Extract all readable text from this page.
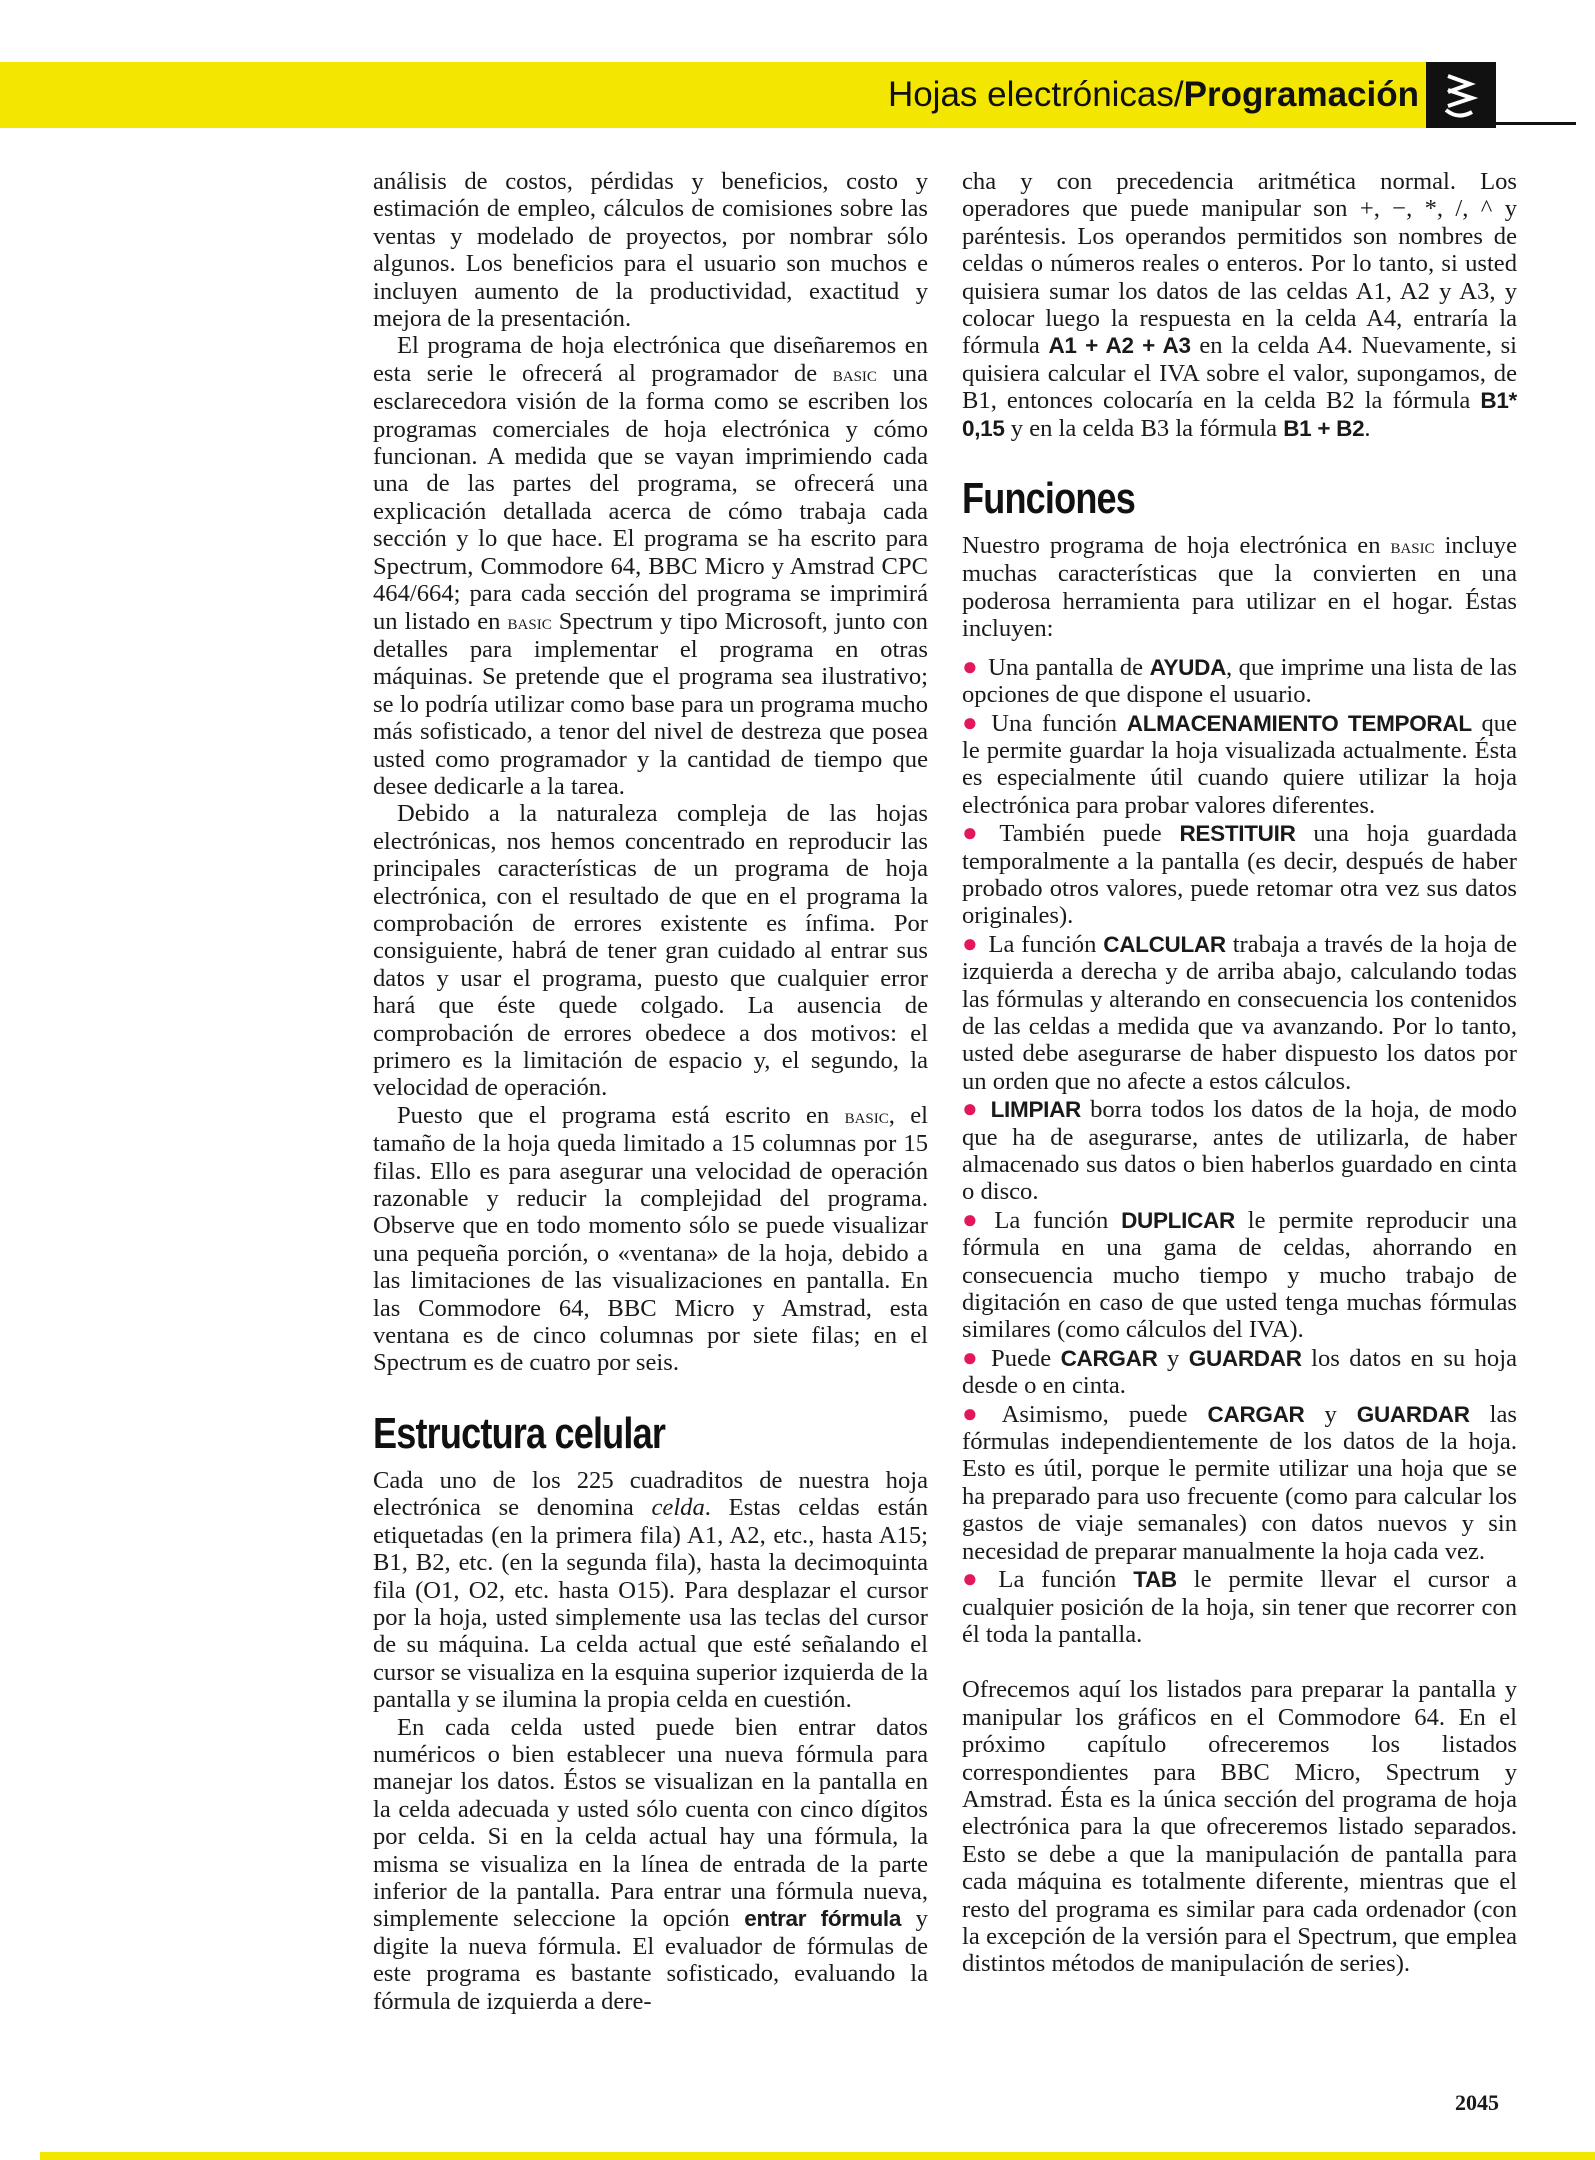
Hojas electrónicas/Programación

análisis de costos, pérdidas y beneficios, costo y estimación de empleo, cálculos de comisiones sobre las ventas y modelado de proyectos, por nombrar sólo algunos. Los beneficios para el usuario son muchos e incluyen aumento de la productividad, exactitud y mejora de la presentación.

El programa de hoja electrónica que diseñaremos en esta serie le ofrecerá al programador de basic una esclarecedora visión de la forma como se escriben los programas comerciales de hoja electrónica y cómo funcionan. A medida que se vayan imprimiendo cada una de las partes del programa, se ofrecerá una explicación detallada acerca de cómo trabaja cada sección y lo que hace. El programa se ha escrito para Spectrum, Commodore 64, BBC Micro y Amstrad CPC 464/664; para cada sección del programa se imprimirá un listado en basic Spectrum y tipo Microsoft, junto con detalles para implementar el programa en otras máquinas. Se pretende que el programa sea ilustrativo; se lo podría utilizar como base para un programa mucho más sofisticado, a tenor del nivel de destreza que posea usted como programador y la cantidad de tiempo que desee dedicarle a la tarea.

Debido a la naturaleza compleja de las hojas electrónicas, nos hemos concentrado en reproducir las principales características de un programa de hoja electrónica, con el resultado de que en el programa la comprobación de errores existente es ínfima. Por consiguiente, habrá de tener gran cuidado al entrar sus datos y usar el programa, puesto que cualquier error hará que éste quede colgado. La ausencia de comprobación de errores obedece a dos motivos: el primero es la limitación de espacio y, el segundo, la velocidad de operación.

Puesto que el programa está escrito en basic, el tamaño de la hoja queda limitado a 15 columnas por 15 filas. Ello es para asegurar una velocidad de operación razonable y reducir la complejidad del programa. Observe que en todo momento sólo se puede visualizar una pequeña porción, o «ventana» de la hoja, debido a las limitaciones de las visualizaciones en pantalla. En las Commodore 64, BBC Micro y Amstrad, esta ventana es de cinco columnas por siete filas; en el Spectrum es de cuatro por seis.

Estructura celular

Cada uno de los 225 cuadraditos de nuestra hoja electrónica se denomina celda. Estas celdas están etiquetadas (en la primera fila) A1, A2, etc., hasta A15; B1, B2, etc. (en la segunda fila), hasta la decimoquinta fila (O1, O2, etc. hasta O15). Para desplazar el cursor por la hoja, usted simplemente usa las teclas del cursor de su máquina. La celda actual que esté señalando el cursor se visualiza en la esquina superior izquierda de la pantalla y se ilumina la propia celda en cuestión.

En cada celda usted puede bien entrar datos numéricos o bien establecer una nueva fórmula para manejar los datos. Éstos se visualizan en la pantalla en la celda adecuada y usted sólo cuenta con cinco dígitos por celda. Si en la celda actual hay una fórmula, la misma se visualiza en la línea de entrada de la parte inferior de la pantalla. Para entrar una fórmula nueva, simplemente seleccione la opción entrar fórmula y digite la nueva fórmula. El evaluador de fórmulas de este programa es bastante sofisticado, evaluando la fórmula de izquierda a dere-

cha y con precedencia aritmética normal. Los operadores que puede manipular son +, −, *, /, ^ y paréntesis. Los operandos permitidos son nombres de celdas o números reales o enteros. Por lo tanto, si usted quisiera sumar los datos de las celdas A1, A2 y A3, y colocar luego la respuesta en la celda A4, entraría la fórmula A1 + A2 + A3 en la celda A4. Nuevamente, si quisiera calcular el IVA sobre el valor, supongamos, de B1, entonces colocaría en la celda B2 la fórmula B1* 0,15 y en la celda B3 la fórmula B1 + B2.

Funciones

Nuestro programa de hoja electrónica en basic incluye muchas características que la convierten en una poderosa herramienta para utilizar en el hogar. Éstas incluyen:

● Una pantalla de AYUDA, que imprime una lista de las opciones de que dispone el usuario.

● Una función ALMACENAMIENTO TEMPORAL que le permite guardar la hoja visualizada actualmente. Ésta es especialmente útil cuando quiere utilizar la hoja electrónica para probar valores diferentes.

● También puede RESTITUIR una hoja guardada temporalmente a la pantalla (es decir, después de haber probado otros valores, puede retomar otra vez sus datos originales).

● La función CALCULAR trabaja a través de la hoja de izquierda a derecha y de arriba abajo, calculando todas las fórmulas y alterando en consecuencia los contenidos de las celdas a medida que va avanzando. Por lo tanto, usted debe asegurarse de haber dispuesto los datos por un orden que no afecte a estos cálculos.

● LIMPIAR borra todos los datos de la hoja, de modo que ha de asegurarse, antes de utilizarla, de haber almacenado sus datos o bien haberlos guardado en cinta o disco.

● La función DUPLICAR le permite reproducir una fórmula en una gama de celdas, ahorrando en consecuencia mucho tiempo y mucho trabajo de digitación en caso de que usted tenga muchas fórmulas similares (como cálculos del IVA).

● Puede CARGAR y GUARDAR los datos en su hoja desde o en cinta.

● Asimismo, puede CARGAR y GUARDAR las fórmulas independientemente de los datos de la hoja. Esto es útil, porque le permite utilizar una hoja que se ha preparado para uso frecuente (como para calcular los gastos de viaje semanales) con datos nuevos y sin necesidad de preparar manualmente la hoja cada vez.

● La función TAB le permite llevar el cursor a cualquier posición de la hoja, sin tener que recorrer con él toda la pantalla.

Ofrecemos aquí los listados para preparar la pantalla y manipular los gráficos en el Commodore 64. En el próximo capítulo ofreceremos los listados correspondientes para BBC Micro, Spectrum y Amstrad. Ésta es la única sección del programa de hoja electrónica para la que ofreceremos listado separados. Esto se debe a que la manipulación de pantalla para cada máquina es totalmente diferente, mientras que el resto del programa es similar para cada ordenador (con la excepción de la versión para el Spectrum, que emplea distintos métodos de manipulación de series).

2045
